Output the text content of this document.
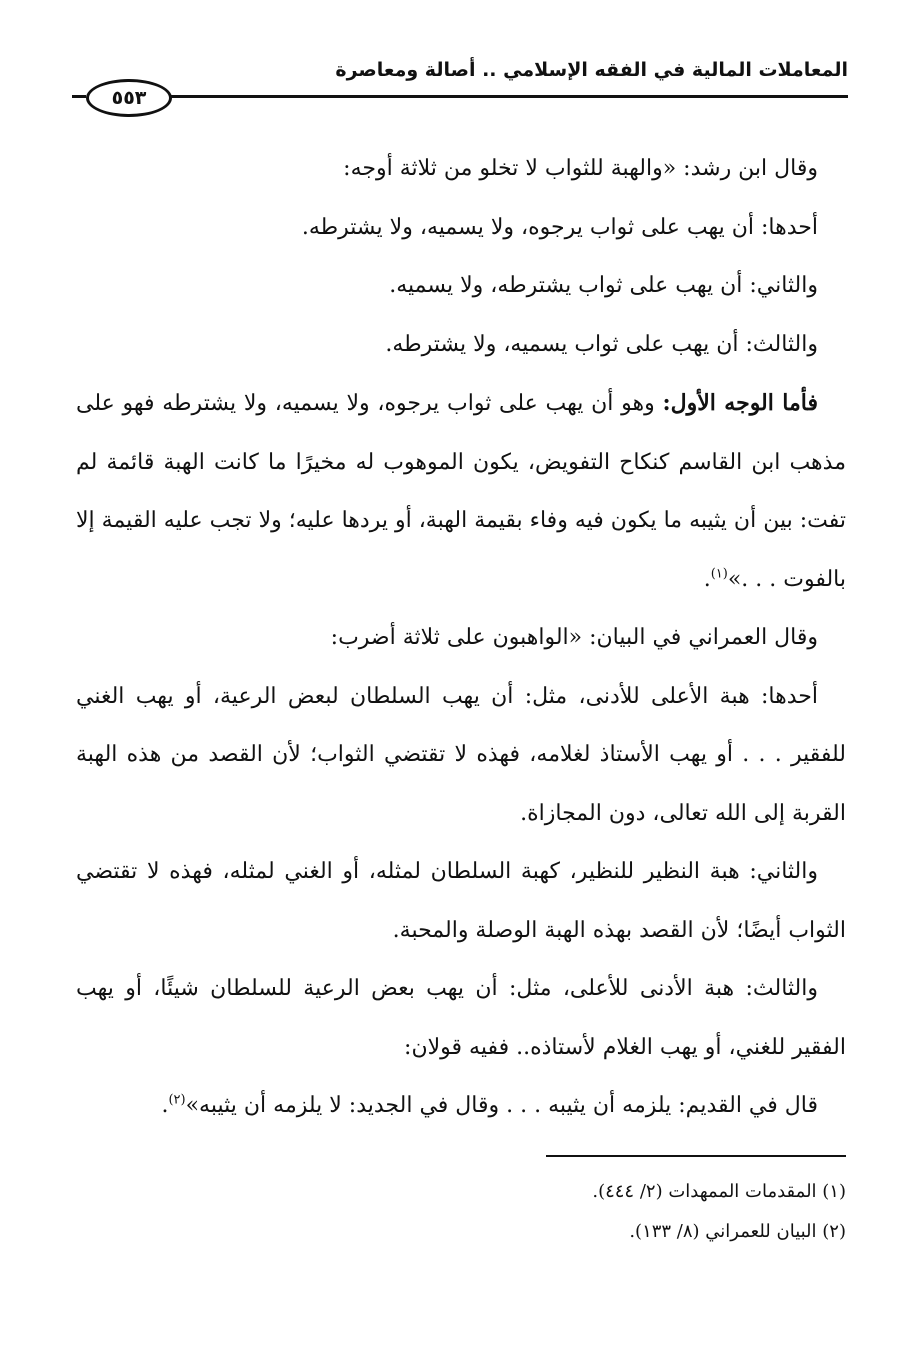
المعاملات المالية في الفقه الإسلامي .. أصالة ومعاصرة
٥٥٣

وقال ابن رشد: «والهبة للثواب لا تخلو من ثلاثة أوجه:

أحدها: أن يهب على ثواب يرجوه، ولا يسميه، ولا يشترطه.

والثاني: أن يهب على ثواب يشترطه، ولا يسميه.

والثالث: أن يهب على ثواب يسميه، ولا يشترطه.

فأما الوجه الأول: وهو أن يهب على ثواب يرجوه، ولا يسميه، ولا يشترطه فهو على مذهب ابن القاسم كنكاح التفويض، يكون الموهوب له مخيرًا ما كانت الهبة قائمة لم تفت: بين أن يثيبه ما يكون فيه وفاء بقيمة الهبة، أو يردها عليه؛ ولا تجب عليه القيمة إلا بالفوت . . .»$^{(١)}$.

وقال العمراني في البيان: «الواهبون على ثلاثة أضرب:

أحدها: هبة الأعلى للأدنى، مثل: أن يهب السلطان لبعض الرعية، أو يهب الغني للفقير . . . أو يهب الأستاذ لغلامه، فهذه لا تقتضي الثواب؛ لأن القصد من هذه الهبة القربة إلى الله تعالى، دون المجازاة.

والثاني: هبة النظير للنظير، كهبة السلطان لمثله، أو الغني لمثله، فهذه لا تقتضي الثواب أيضًا؛ لأن القصد بهذه الهبة الوصلة والمحبة.

والثالث: هبة الأدنى للأعلى، مثل: أن يهب بعض الرعية للسلطان شيئًا، أو يهب الفقير للغني، أو يهب الغلام لأستاذه.. ففيه قولان:

قال في القديم: يلزمه أن يثيبه . . . وقال في الجديد: لا يلزمه أن يثيبه»$^{(٢)}$.

(١) المقدمات الممهدات (٢/ ٤٤٤).
(٢) البيان للعمراني (٨/ ١٣٣).
